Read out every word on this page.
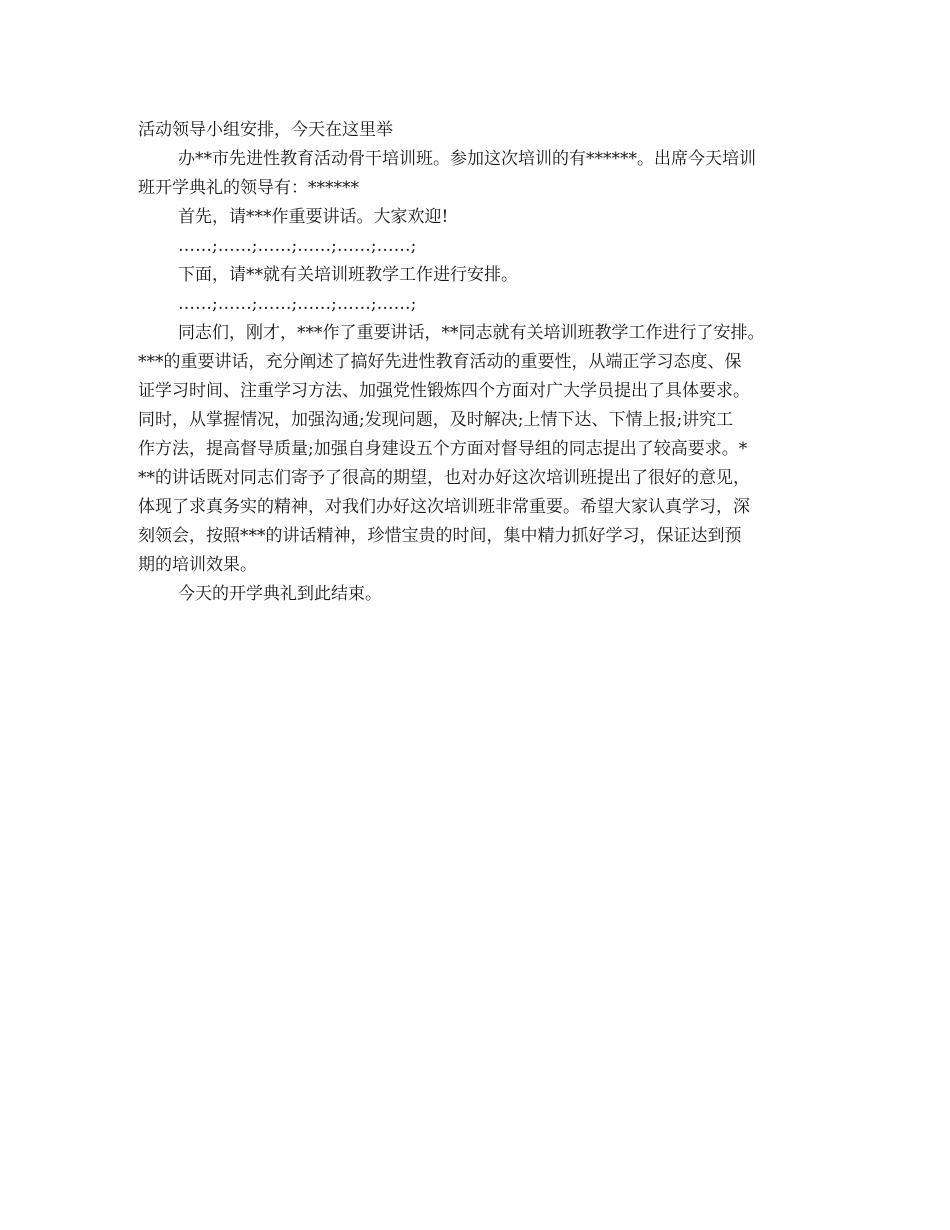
活动领导小组安排，今天在这里举
办**市先进性教育活动骨干培训班。参加这次培训的有******。出席今天培训
班开学典礼的领导有：******
首先，请***作重要讲话。大家欢迎!
……;……;……;……;……;……;
下面，请**就有关培训班教学工作进行安排。
……;……;……;……;……;……;
同志们，刚才，***作了重要讲话，**同志就有关培训班教学工作进行了安排。
***的重要讲话，充分阐述了搞好先进性教育活动的重要性，从端正学习态度、保
证学习时间、注重学习方法、加强党性锻炼四个方面对广大学员提出了具体要求。
同时，从掌握情况，加强沟通;发现问题，及时解决;上情下达、下情上报;讲究工
作方法，提高督导质量;加强自身建设五个方面对督导组的同志提出了较高要求。*
**的讲话既对同志们寄予了很高的期望，也对办好这次培训班提出了很好的意见，
体现了求真务实的精神，对我们办好这次培训班非常重要。希望大家认真学习，深
刻领会，按照***的讲话精神，珍惜宝贵的时间，集中精力抓好学习，保证达到预
期的培训效果。
今天的开学典礼到此结束。
